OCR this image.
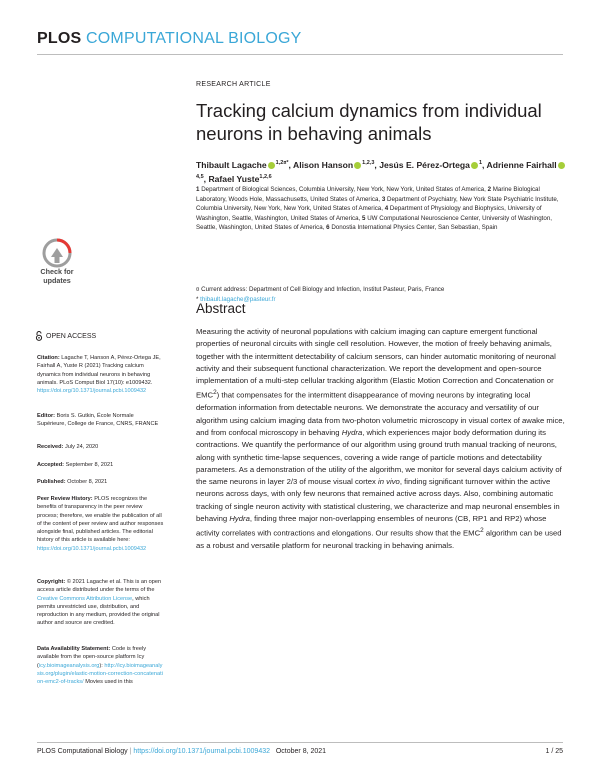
PLOS COMPUTATIONAL BIOLOGY
Check for updates
RESEARCH ARTICLE
Tracking calcium dynamics from individual neurons in behaving animals
Thibault Lagache $^{1,2¤*}$, Alison Hanson $^{1,2,3}$, Jesús E. Pérez-Ortega $^1$, Adrienne Fairhall$^{4,5}$, Rafael Yuste$^{1,2,6}$
1 Department of Biological Sciences, Columbia University, New York, New York, United States of America, 2 Marine Biological Laboratory, Woods Hole, Massachusetts, United States of America, 3 Department of Psychiatry, New York State Psychiatric Institute, Columbia University, New York, New York, United States of America, 4 Department of Physiology and Biophysics, University of Washington, Seattle, Washington, United States of America, 5 UW Computational Neuroscience Center, University of Washington, Seattle, Washington, United States of America, 6 Donostia International Physics Center, San Sebastian, Spain
¤ Current address: Department of Cell Biology and Infection, Institut Pasteur, Paris, France
* thibault.lagache@pasteur.fr
Abstract
Measuring the activity of neuronal populations with calcium imaging can capture emergent functional properties of neuronal circuits with single cell resolution. However, the motion of freely behaving animals, together with the intermittent detectability of calcium sensors, can hinder automatic monitoring of neuronal activity and their subsequent functional characterization. We report the development and open-source implementation of a multi-step cellular tracking algorithm (Elastic Motion Correction and Concatenation or EMC$^2$) that compensates for the intermittent disappearance of moving neurons by integrating local deformation information from detectable neurons. We demonstrate the accuracy and versatility of our algorithm using calcium imaging data from two-photon volumetric microscopy in visual cortex of awake mice, and from confocal microscopy in behaving Hydra, which experiences major body deformation during its contractions. We quantify the performance of our algorithm using ground truth manual tracking of neurons, along with synthetic time-lapse sequences, covering a wide range of particle motions and detectability parameters. As a demonstration of the utility of the algorithm, we monitor for several days calcium activity of the same neurons in layer 2/3 of mouse visual cortex in vivo, finding significant turnover within the active neurons across days, with only few neurons that remained active across days. Also, combining automatic tracking of single neuron activity with statistical clustering, we characterize and map neuronal ensembles in behaving Hydra, finding three major non-overlapping ensembles of neurons (CB, RP1 and RP2) whose activity correlates with contractions and elongations. Our results show that the EMC$^2$ algorithm can be used as a robust and versatile platform for neuronal tracking in behaving animals.
OPEN ACCESS
Citation: Lagache T, Hanson A, Pérez-Ortega JE, Fairhall A, Yuste R (2021) Tracking calcium dynamics from individual neurons in behaving animals. PLoS Comput Biol 17(10): e1009432. https://doi.org/10.1371/journal.pcbi.1009432
Editor: Boris S. Gutkin, École Normale Supérieure, College de France, CNRS, FRANCE
Received: July 24, 2020
Accepted: September 8, 2021
Published: October 8, 2021
Peer Review History: PLOS recognizes the benefits of transparency in the peer review process; therefore, we enable the publication of all of the content of peer review and author responses alongside final, published articles. The editorial history of this article is available here: https://doi.org/10.1371/journal.pcbi.1009432
Copyright: © 2021 Lagache et al. This is an open access article distributed under the terms of the Creative Commons Attribution License, which permits unrestricted use, distribution, and reproduction in any medium, provided the original author and source are credited.
Data Availability Statement: Code is freely available from the open-source platform Icy (icy.bioimageanalysis.org): http://icy.bioimageanalysis.org/plugin/elastic-motion-correction-concatenation-emc2-of-tracks/ Movies used in this
PLOS Computational Biology | https://doi.org/10.1371/journal.pcbi.1009432 October 8, 2021	1 / 25
